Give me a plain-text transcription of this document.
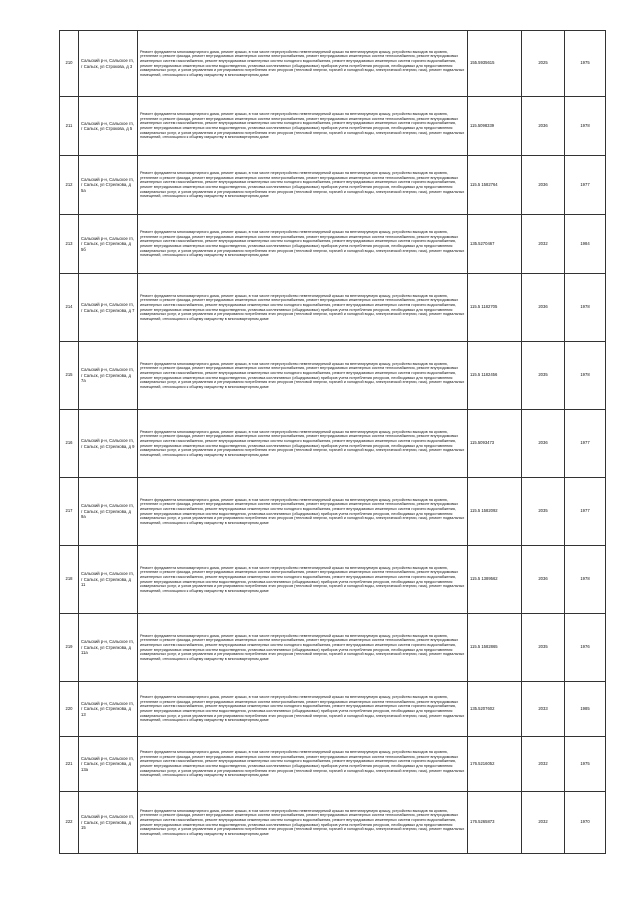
210	Сальский р-н, Сальское гп, г Сальск, ул Строкова, д 3	Ремонт фундамента многоквартирного дома, ремонт крыши, в том числе переустройство невентилируемой крыши на вентилируемую крышу, устройство выходов на кровлю, утепление и ремонт фасада, ремонт внутридомовых инженерных систем электроснабжения, ремонт внутридомовых инженерных систем теплоснабжения, ремонт внутридомовых инженерных систем газоснабжения, ремонт внутридомовых инженерных систем холодного водоснабжения, ремонт внутридомовых инженерных систем горячего водоснабжения, ремонт внутридомовых инженерных систем водоотведения, установка коллективных (общедомовых) приборов учета потребления ресурсов, необходимых для предоставления коммунальных услуг, и узлов управления и регулирования потребления этих ресурсов (тепловой энергии, горячей и холодной воды, электрической энергии, газа), ремонт подвальных помещений, относящихся к общему имуществу в многоквартирном доме	155.5935615	2025	1975
211	Сальский р-н, Сальское гп, г Сальск, ул Строкова, д 5	Ремонт фундамента многоквартирного дома, ремонт крыши, в том числе переустройство невентилируемой крыши на вентилируемую крышу, устройство выходов на кровлю, утепление и ремонт фасада, ремонт внутридомовых инженерных систем электроснабжения, ремонт внутридомовых инженерных систем теплоснабжения, ремонт внутридомовых инженерных систем газоснабжения, ремонт внутридомовых инженерных систем холодного водоснабжения, ремонт внутридомовых инженерных систем горячего водоснабжения, ремонт внутридомовых инженерных систем водоотведения, установка коллективных (общедомовых) приборов учета потребления ресурсов, необходимых для предоставления коммунальных услуг, и узлов управления и регулирования потребления этих ресурсов (тепловой энергии, горячей и холодной воды, электрической энергии, газа), ремонт подвальных помещений, относящихся к общему имуществу в многоквартирном доме	115.5098339	2036	1978
212	Сальский р-н, Сальское гп, г Сальск, ул Стрелкова, д 5а	Ремонт фундамента многоквартирного дома, ремонт крыши, в том числе переустройство невентилируемой крыши на вентилируемую крышу, устройство выходов на кровлю, утепление и ремонт фасада, ремонт внутридомовых инженерных систем электроснабжения, ремонт внутридомовых инженерных систем теплоснабжения, ремонт внутридомовых инженерных систем газоснабжения, ремонт внутридомовых инженерных систем холодного водоснабжения, ремонт внутридомовых инженерных систем горячего водоснабжения, ремонт внутридомовых инженерных систем водоотведения, установка коллективных (общедомовых) приборов учета потребления ресурсов, необходимых для предоставления коммунальных услуг, и узлов управления и регулирования потребления этих ресурсов (тепловой энергии, горячей и холодной воды, электрической энергии, газа), ремонт подвальных помещений, относящихся к общему имуществу в многоквартирном доме	115.5 1582764	2036	1977
213	Сальский р-н, Сальское гп, г Сальск, ул Стрелкова, д 5б	Ремонт фундамента многоквартирного дома, ремонт крыши, в том числе переустройство невентилируемой крыши на вентилируемую крышу, устройство выходов на кровлю, утепление и ремонт фасада, ремонт внутридомовых инженерных систем электроснабжения, ремонт внутридомовых инженерных систем теплоснабжения, ремонт внутридомовых инженерных систем газоснабжения, ремонт внутридомовых инженерных систем холодного водоснабжения, ремонт внутридомовых инженерных систем горячего водоснабжения, ремонт внутридомовых инженерных систем водоотведения, установка коллективных (общедомовых) приборов учета потребления ресурсов, необходимых для предоставления коммунальных услуг, и узлов управления и регулирования потребления этих ресурсов (тепловой энергии, горячей и холодной воды, электрической энергии, газа), ремонт подвальных помещений, относящихся к общему имуществу в многоквартирном доме	135.5270467	2032	1984
214	Сальский р-н, Сальское гп, г Сальск, ул Стрелкова, д 7	Ремонт фундамента многоквартирного дома, ремонт крыши, в том числе переустройство невентилируемой крыши на вентилируемую крышу, устройство выходов на кровлю, утепление и ремонт фасада, ремонт внутридомовых инженерных систем электроснабжения, ремонт внутридомовых инженерных систем теплоснабжения, ремонт внутридомовых инженерных систем газоснабжения, ремонт внутридомовых инженерных систем холодного водоснабжения, ремонт внутридомовых инженерных систем горячего водоснабжения, ремонт внутридомовых инженерных систем водоотведения, установка коллективных (общедомовых) приборов учета потребления ресурсов, необходимых для предоставления коммунальных услуг, и узлов управления и регулирования потребления этих ресурсов (тепловой энергии, горячей и холодной воды, электрической энергии, газа), ремонт подвальных помещений, относящихся к общему имуществу в многоквартирном доме	115.5 1182705	2036	1978
215	Сальский р-н, Сальское гп, г Сальск, ул Стрелкова, д 7а	Ремонт фундамента многоквартирного дома, ремонт крыши, в том числе переустройство невентилируемой крыши на вентилируемую крышу, устройство выходов на кровлю, утепление и ремонт фасада, ремонт внутридомовых инженерных систем электроснабжения, ремонт внутридомовых инженерных систем теплоснабжения, ремонт внутридомовых инженерных систем газоснабжения, ремонт внутридомовых инженерных систем холодного водоснабжения, ремонт внутридомовых инженерных систем горячего водоснабжения, ремонт внутридомовых инженерных систем водоотведения, установка коллективных (общедомовых) приборов учета потребления ресурсов, необходимых для предоставления коммунальных услуг, и узлов управления и регулирования потребления этих ресурсов (тепловой энергии, горячей и холодной воды, электрической энергии, газа), ремонт подвальных помещений, относящихся к общему имуществу в многоквартирном доме	115.5 1182456	2035	1978
216	Сальский р-н, Сальское гп, г Сальск, ул Стрелкова, д 9	Ремонт фундамента многоквартирного дома, ремонт крыши, в том числе переустройство невентилируемой крыши на вентилируемую крышу, устройство выходов на кровлю, утепление и ремонт фасада, ремонт внутридомовых инженерных систем электроснабжения, ремонт внутридомовых инженерных систем теплоснабжения, ремонт внутридомовых инженерных систем газоснабжения, ремонт внутридомовых инженерных систем холодного водоснабжения, ремонт внутридомовых инженерных систем горячего водоснабжения, ремонт внутридомовых инженерных систем водоотведения, установка коллективных (общедомовых) приборов учета потребления ресурсов, необходимых для предоставления коммунальных услуг, и узлов управления и регулирования потребления этих ресурсов (тепловой энергии, горячей и холодной воды, электрической энергии, газа), ремонт подвальных помещений, относящихся к общему имуществу в многоквартирном доме	115.5093473	2036	1977
217	Сальский р-н, Сальское гп, г Сальск, ул Стрелкова, д 9а	Ремонт фундамента многоквартирного дома, ремонт крыши, в том числе переустройство невентилируемой крыши на вентилируемую крышу, устройство выходов на кровлю, утепление и ремонт фасада, ремонт внутридомовых инженерных систем электроснабжения, ремонт внутридомовых инженерных систем теплоснабжения, ремонт внутридомовых инженерных систем газоснабжения, ремонт внутридомовых инженерных систем холодного водоснабжения, ремонт внутридомовых инженерных систем горячего водоснабжения, ремонт внутридомовых инженерных систем водоотведения, установка коллективных (общедомовых) приборов учета потребления ресурсов, необходимых для предоставления коммунальных услуг, и узлов управления и регулирования потребления этих ресурсов (тепловой энергии, горячей и холодной воды, электрической энергии, газа), ремонт подвальных помещений, относящихся к общему имуществу в многоквартирном доме	115.5 1582092	2035	1977
218	Сальский р-н, Сальское гп, г Сальск, ул Стрелкова, д 11	Ремонт фундамента многоквартирного дома, ремонт крыши, в том числе переустройство невентилируемой крыши на вентилируемую крышу, устройство выходов на кровлю, утепление и ремонт фасада, ремонт внутридомовых инженерных систем электроснабжения, ремонт внутридомовых инженерных систем теплоснабжения, ремонт внутридомовых инженерных систем газоснабжения, ремонт внутридомовых инженерных систем холодного водоснабжения, ремонт внутридомовых инженерных систем горячего водоснабжения, ремонт внутридомовых инженерных систем водоотведения, установка коллективных (общедомовых) приборов учета потребления ресурсов, необходимых для предоставления коммунальных услуг, и узлов управления и регулирования потребления этих ресурсов (тепловой энергии, горячей и холодной воды, электрической энергии, газа), ремонт подвальных помещений, относящихся к общему имуществу в многоквартирном доме	115.5 1389562	2036	1978
219	Сальский р-н, Сальское гп, г Сальск, ул Стрелкова, д 11а	Ремонт фундамента многоквартирного дома, ремонт крыши, в том числе переустройство невентилируемой крыши на вентилируемую крышу, устройство выходов на кровлю, утепление и ремонт фасада, ремонт внутридомовых инженерных систем электроснабжения, ремонт внутридомовых инженерных систем теплоснабжения, ремонт внутридомовых инженерных систем газоснабжения, ремонт внутридомовых инженерных систем холодного водоснабжения, ремонт внутридомовых инженерных систем горячего водоснабжения, ремонт внутридомовых инженерных систем водоотведения, установка коллективных (общедомовых) приборов учета потребления ресурсов, необходимых для предоставления коммунальных услуг, и узлов управления и регулирования потребления этих ресурсов (тепловой энергии, горячей и холодной воды, электрической энергии, газа), ремонт подвальных помещений, относящихся к общему имуществу в многоквартирном доме	115.5 1582865	2035	1976
220	Сальский р-н, Сальское гп, г Сальск, ул Стрелкова, д 13	Ремонт фундамента многоквартирного дома, ремонт крыши, в том числе переустройство невентилируемой крыши на вентилируемую крышу, устройство выходов на кровлю, утепление и ремонт фасада, ремонт внутридомовых инженерных систем электроснабжения, ремонт внутридомовых инженерных систем теплоснабжения, ремонт внутридомовых инженерных систем газоснабжения, ремонт внутридомовых инженерных систем холодного водоснабжения, ремонт внутридомовых инженерных систем горячего водоснабжения, ремонт внутридомовых инженерных систем водоотведения, установка коллективных (общедомовых) приборов учета потребления ресурсов, необходимых для предоставления коммунальных услуг, и узлов управления и регулирования потребления этих ресурсов (тепловой энергии, горячей и холодной воды, электрической энергии, газа), ремонт подвальных помещений, относящихся к общему имуществу в многоквартирном доме	135.5207602	2033	1985
221	Сальский р-н, Сальское гп, г Сальск, ул Стрелкова, д 13а	Ремонт фундамента многоквартирного дома, ремонт крыши, в том числе переустройство невентилируемой крыши на вентилируемую крышу, устройство выходов на кровлю, утепление и ремонт фасада, ремонт внутридомовых инженерных систем электроснабжения, ремонт внутридомовых инженерных систем теплоснабжения, ремонт внутридомовых инженерных систем газоснабжения, ремонт внутридомовых инженерных систем холодного водоснабжения, ремонт внутридомовых инженерных систем горячего водоснабжения, ремонт внутридомовых инженерных систем водоотведения, установка коллективных (общедомовых) приборов учета потребления ресурсов, необходимых для предоставления коммунальных услуг, и узлов управления и регулирования потребления этих ресурсов (тепловой энергии, горячей и холодной воды, электрической энергии, газа), ремонт подвальных помещений, относящихся к общему имуществу в многоквартирном доме	176.5216052	2032	1975
222	Сальский р-н, Сальское гп, г Сальск, ул Стрелкова, д 15	Ремонт фундамента многоквартирного дома, ремонт крыши, в том числе переустройство невентилируемой крыши на вентилируемую крышу, устройство выходов на кровлю, утепление и ремонт фасада, ремонт внутридомовых инженерных систем электроснабжения, ремонт внутридомовых инженерных систем теплоснабжения, ремонт внутридомовых инженерных систем газоснабжения, ремонт внутридомовых инженерных систем холодного водоснабжения, ремонт внутридомовых инженерных систем горячего водоснабжения, ремонт внутридомовых инженерных систем водоотведения, установка коллективных (общедомовых) приборов учета потребления ресурсов, необходимых для предоставления коммунальных услуг, и узлов управления и регулирования потребления этих ресурсов (тепловой энергии, горячей и холодной воды, электрической энергии, газа), ремонт подвальных помещений, относящихся к общему имуществу в многоквартирном доме	176.5265873	2032	1970
